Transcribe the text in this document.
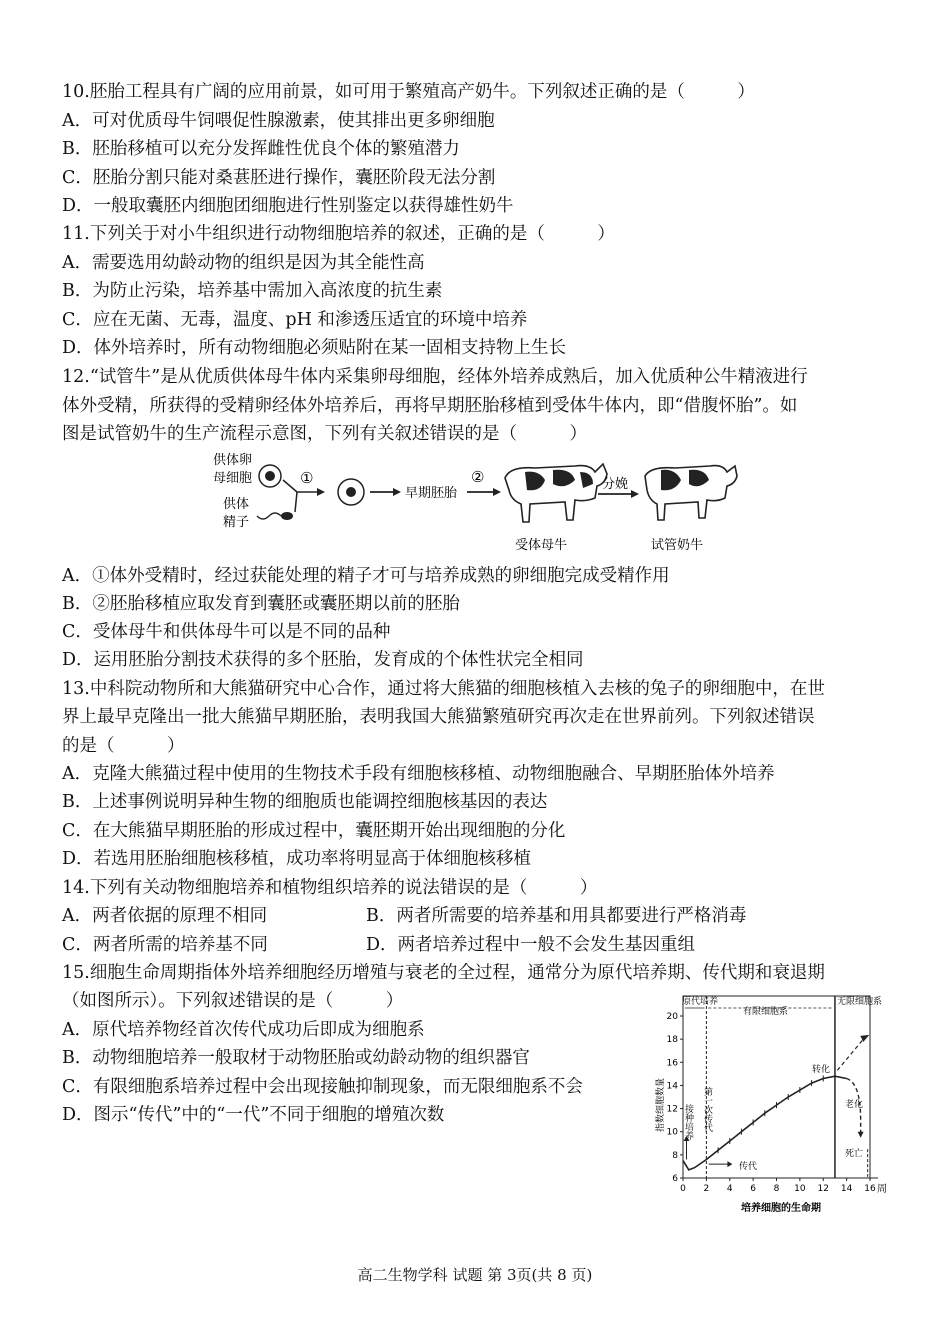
10.胚胎工程具有广阔的应用前景，如可用于繁殖高产奶牛。下列叙述正确的是（　　　）
A．可对优质母牛饲喂促性腺激素，使其排出更多卵细胞
B．胚胎移植可以充分发挥雌性优良个体的繁殖潜力
C．胚胎分割只能对桑葚胚进行操作，囊胚阶段无法分割
D．一般取囊胚内细胞团细胞进行性别鉴定以获得雄性奶牛
11.下列关于对小牛组织进行动物细胞培养的叙述，正确的是（　　　）
A．需要选用幼龄动物的组织是因为其全能性高
B．为防止污染，培养基中需加入高浓度的抗生素
C．应在无菌、无毒，温度、pH 和渗透压适宜的环境中培养
D．体外培养时，所有动物细胞必须贴附在某一固相支持物上生长
12.“试管牛”是从优质供体母牛体内采集卵母细胞，经体外培养成熟后，加入优质种公牛精液进行
体外受精，所获得的受精卵经体外培养后，再将早期胚胎移植到受体牛体内，即“借腹怀胎”。如
图是试管奶牛的生产流程示意图，下列有关叙述错误的是（　　　）
供体卵
母细胞
供体
精子
①
早期胚胎
②
受体母牛
分娩
试管奶牛
A．①体外受精时，经过获能处理的精子才可与培养成熟的卵细胞完成受精作用
B．②胚胎移植应取发育到囊胚或囊胚期以前的胚胎
C．受体母牛和供体母牛可以是不同的品种
D．运用胚胎分割技术获得的多个胚胎，发育成的个体性状完全相同
13.中科院动物所和大熊猫研究中心合作，通过将大熊猫的细胞核植入去核的兔子的卵细胞中，在世
界上最早克隆出一批大熊猫早期胚胎，表明我国大熊猫繁殖研究再次走在世界前列。下列叙述错误
的是（　　　）
A．克隆大熊猫过程中使用的生物技术手段有细胞核移植、动物细胞融合、早期胚胎体外培养
B．上述事例说明异种生物的细胞质也能调控细胞核基因的表达
C．在大熊猫早期胚胎的形成过程中，囊胚期开始出现细胞的分化
D．若选用胚胎细胞核移植，成功率将明显高于体细胞核移植
14.下列有关动物细胞培养和植物组织培养的说法错误的是（　　　）
A．两者依据的原理不相同	B．两者所需要的培养基和用具都要进行严格消毒
C．两者所需的培养基不同	D．两者培养过程中一般不会发生基因重组
15.细胞生命周期指体外培养细胞经历增殖与衰老的全过程，通常分为原代培养期、传代期和衰退期
（如图所示）。下列叙述错误的是（　　　）
A．原代培养物经首次传代成功后即成为细胞系
B．动物细胞培养一般取材于动物胚胎或幼龄动物的组织器官
C．有限细胞系培养过程中会出现接触抑制现象，而无限细胞系不会
D．图示“传代”中的“一代”不同于细胞的增殖次数
0 2 4 6 8 10 12 14 16
6
8
10
12
14
16
18
20
指数细胞数量
培养细胞的生命期
周
原代培养
有限细胞系
无限细胞系
转化
老化
死亡
传代
接种培养 第一次传代
高二生物学科 试题 第 3页(共 8 页)
